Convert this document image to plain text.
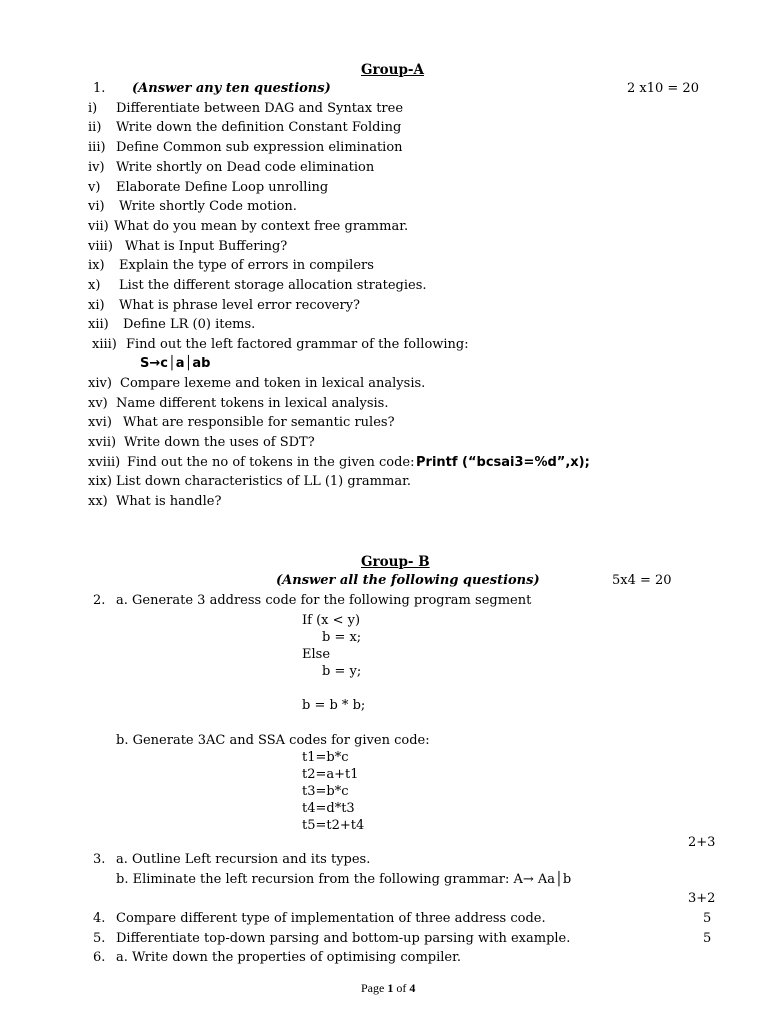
Group-A
1. (Answer any ten questions)	2 x10 = 20
i) Differentiate between DAG and Syntax tree
ii) Write down the definition Constant Folding
iii) Define Common sub expression elimination
iv) Write shortly on Dead code elimination
v) Elaborate Define Loop unrolling
vi) Write shortly Code motion.
vii) What do you mean by context free grammar.
viii) What is Input Buffering?
ix) Explain the type of errors in compilers
x) List the different storage allocation strategies.
xi) What is phrase level error recovery?
xii) Define LR (0) items.
xiii) Find out the left factored grammar of the following:
S→c│a│ab
xiv) Compare lexeme and token in lexical analysis.
xv) Name different tokens in lexical analysis.
xvi) What are responsible for semantic rules?
xvii) Write down the uses of SDT?
xviii) Find out the no of tokens in the given code: Printf (“bcsai3=%d”,x);
xix) List down characteristics of LL (1) grammar.
xx) What is handle?
Group- B
(Answer all the following questions)	5x4 = 20
2. a. Generate 3 address code for the following program segment
If (x < y)
b = x;
Else
b = y;
b = b * b;
b. Generate 3AC and SSA codes for given code:
t1=b*c
t2=a+t1
t3=b*c
t4=d*t3
t5=t2+t4
2+3
3. a. Outline Left recursion and its types.
b. Eliminate the left recursion from the following grammar: A→ Aa│b
3+2
4. Compare different type of implementation of three address code.	5
5. Differentiate top-down parsing and bottom-up parsing with example.	5
6. a. Write down the properties of optimising compiler.
Page 1 of 4
